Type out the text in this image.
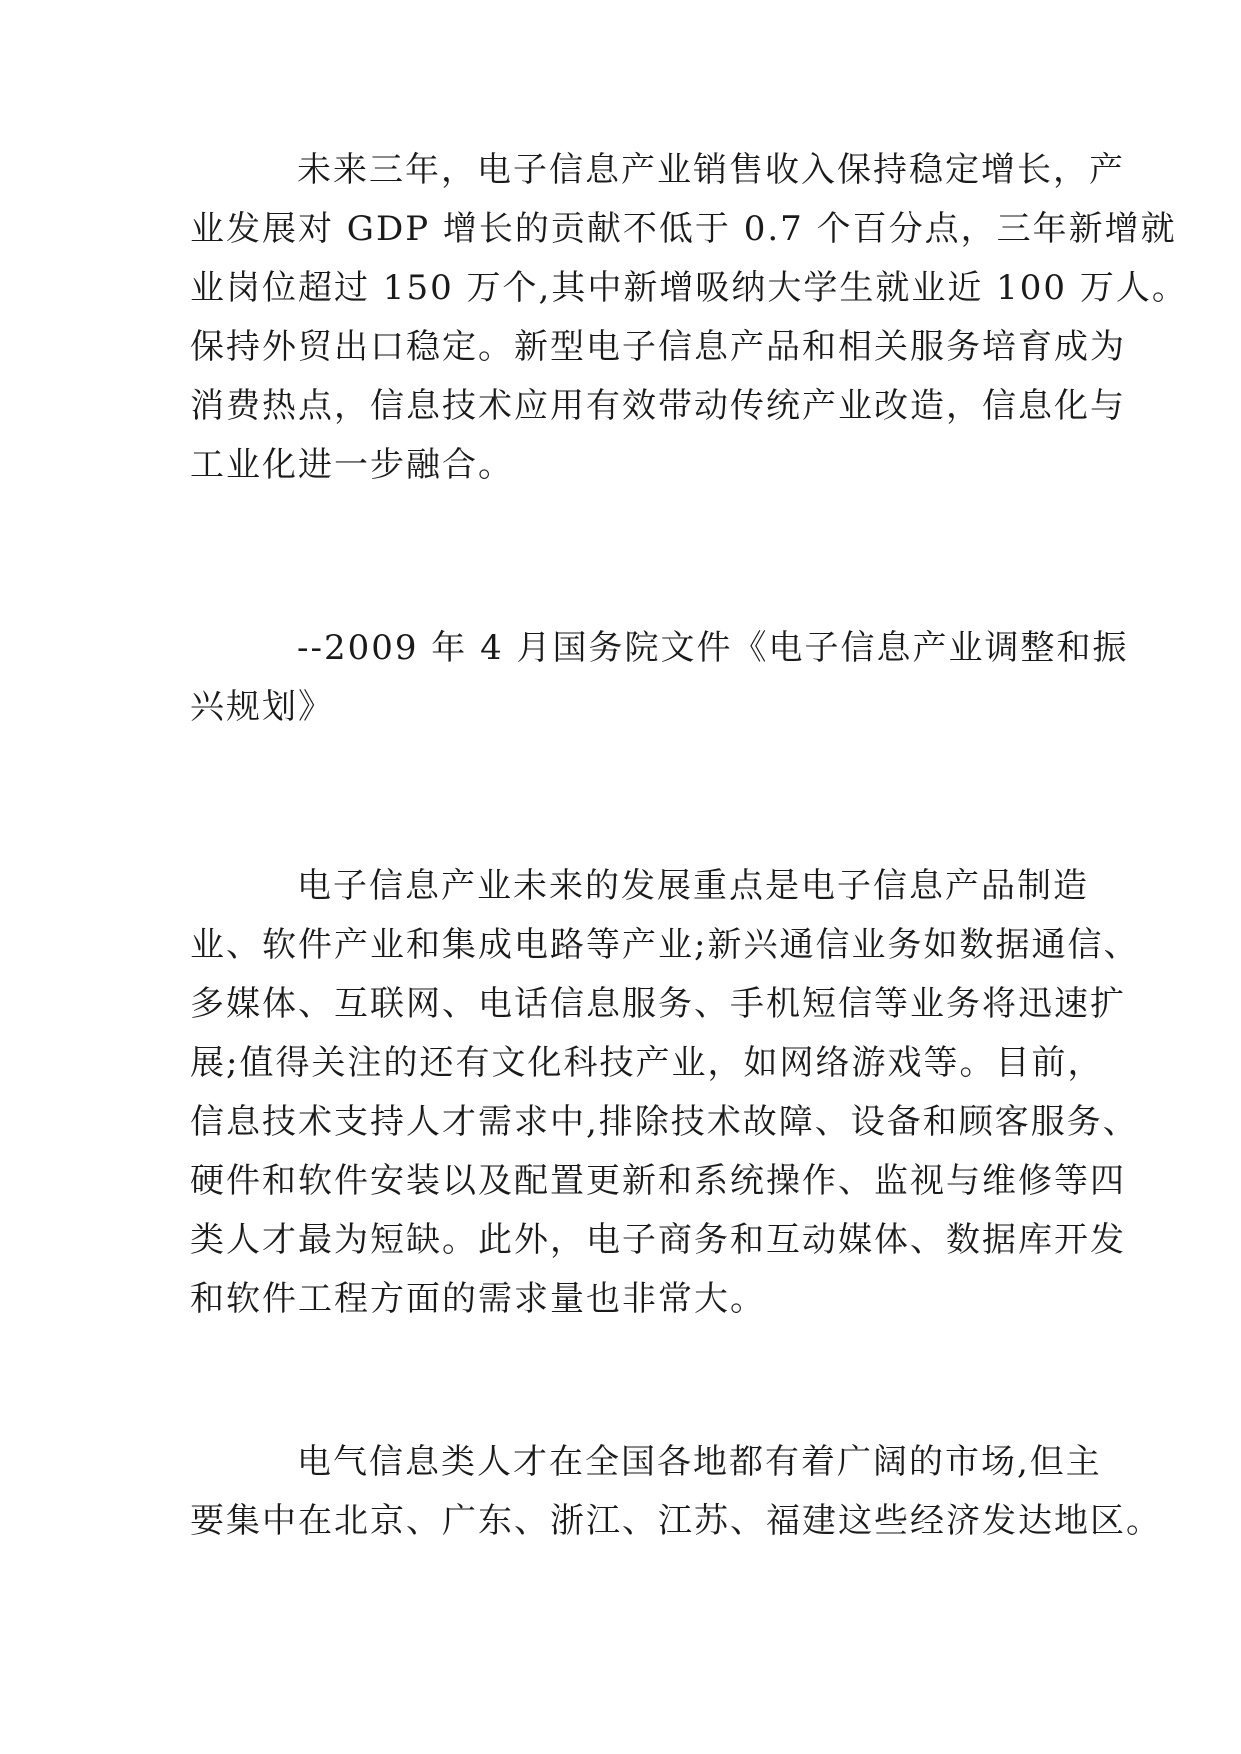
未来三年，电子信息产业销售收入保持稳定增长，产
业发展对 GDP 增长的贡献不低于 0.7 个百分点，三年新增就
业岗位超过 150 万个,其中新增吸纳大学生就业近 100 万人。
保持外贸出口稳定。新型电子信息产品和相关服务培育成为
消费热点，信息技术应用有效带动传统产业改造，信息化与
工业化进一步融合。
--2009 年 4 月国务院文件《电子信息产业调整和振
兴规划》
电子信息产业未来的发展重点是电子信息产品制造
业、软件产业和集成电路等产业;新兴通信业务如数据通信、
多媒体、互联网、电话信息服务、手机短信等业务将迅速扩
展;值得关注的还有文化科技产业，如网络游戏等。目前，
信息技术支持人才需求中,排除技术故障、设备和顾客服务、
硬件和软件安装以及配置更新和系统操作、监视与维修等四
类人才最为短缺。此外，电子商务和互动媒体、数据库开发
和软件工程方面的需求量也非常大。
电气信息类人才在全国各地都有着广阔的市场,但主
要集中在北京、广东、浙江、江苏、福建这些经济发达地区。
